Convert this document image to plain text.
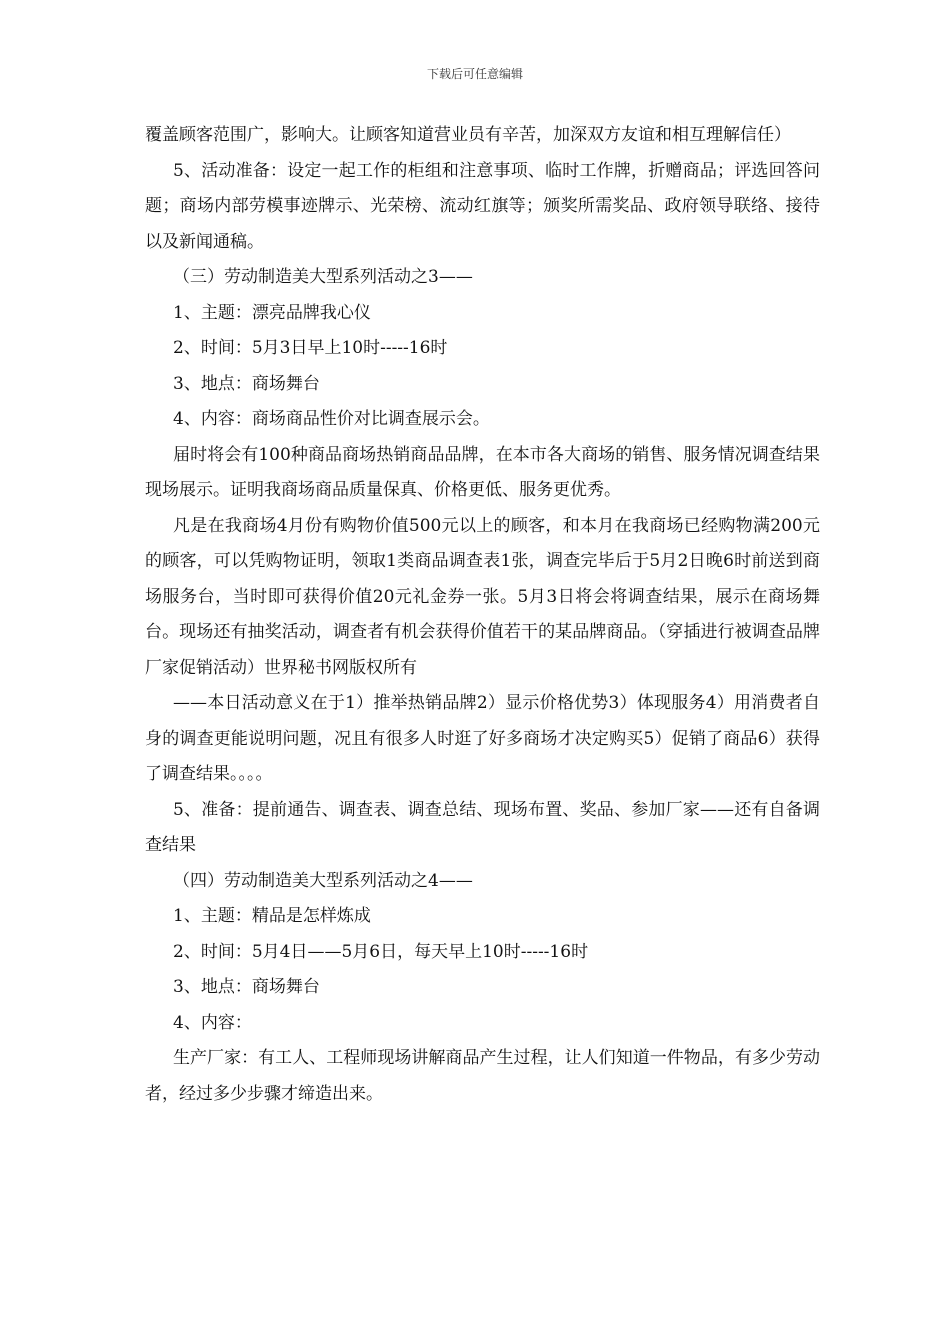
下载后可任意编辑

覆盖顾客范围广，影响大。让顾客知道营业员有辛苦，加深双方友谊和相互理解信任）

5、活动准备：设定一起工作的柜组和注意事项、临时工作牌，折赠商品；评选回答问题；商场内部劳模事迹牌示、光荣榜、流动红旗等；颁奖所需奖品、政府领导联络、接待以及新闻通稿。

（三）劳动制造美大型系列活动之3——

1、主题：漂亮品牌我心仪

2、时间：5月3日早上10时-----16时

3、地点：商场舞台

4、内容：商场商品性价对比调查展示会。

届时将会有100种商品商场热销商品品牌，在本市各大商场的销售、服务情况调查结果现场展示。证明我商场商品质量保真、价格更低、服务更优秀。

凡是在我商场4月份有购物价值500元以上的顾客，和本月在我商场已经购物满200元的顾客，可以凭购物证明，领取1类商品调查表1张，调查完毕后于5月2日晚6时前送到商场服务台，当时即可获得价值20元礼金券一张。5月3日将会将调查结果，展示在商场舞台。现场还有抽奖活动，调查者有机会获得价值若干的某品牌商品。（穿插进行被调查品牌厂家促销活动）世界秘书网版权所有

——本日活动意义在于1）推举热销品牌2）显示价格优势3）体现服务4）用消费者自身的调查更能说明问题，况且有很多人时逛了好多商场才决定购买5）促销了商品6）获得了调查结果。。。。

5、准备：提前通告、调查表、调查总结、现场布置、奖品、参加厂家——还有自备调查结果

（四）劳动制造美大型系列活动之4——

1、主题：精品是怎样炼成

2、时间：5月4日——5月6日，每天早上10时-----16时

3、地点：商场舞台

4、内容：

生产厂家：有工人、工程师现场讲解商品产生过程，让人们知道一件物品，有多少劳动者，经过多少步骤才缔造出来。
